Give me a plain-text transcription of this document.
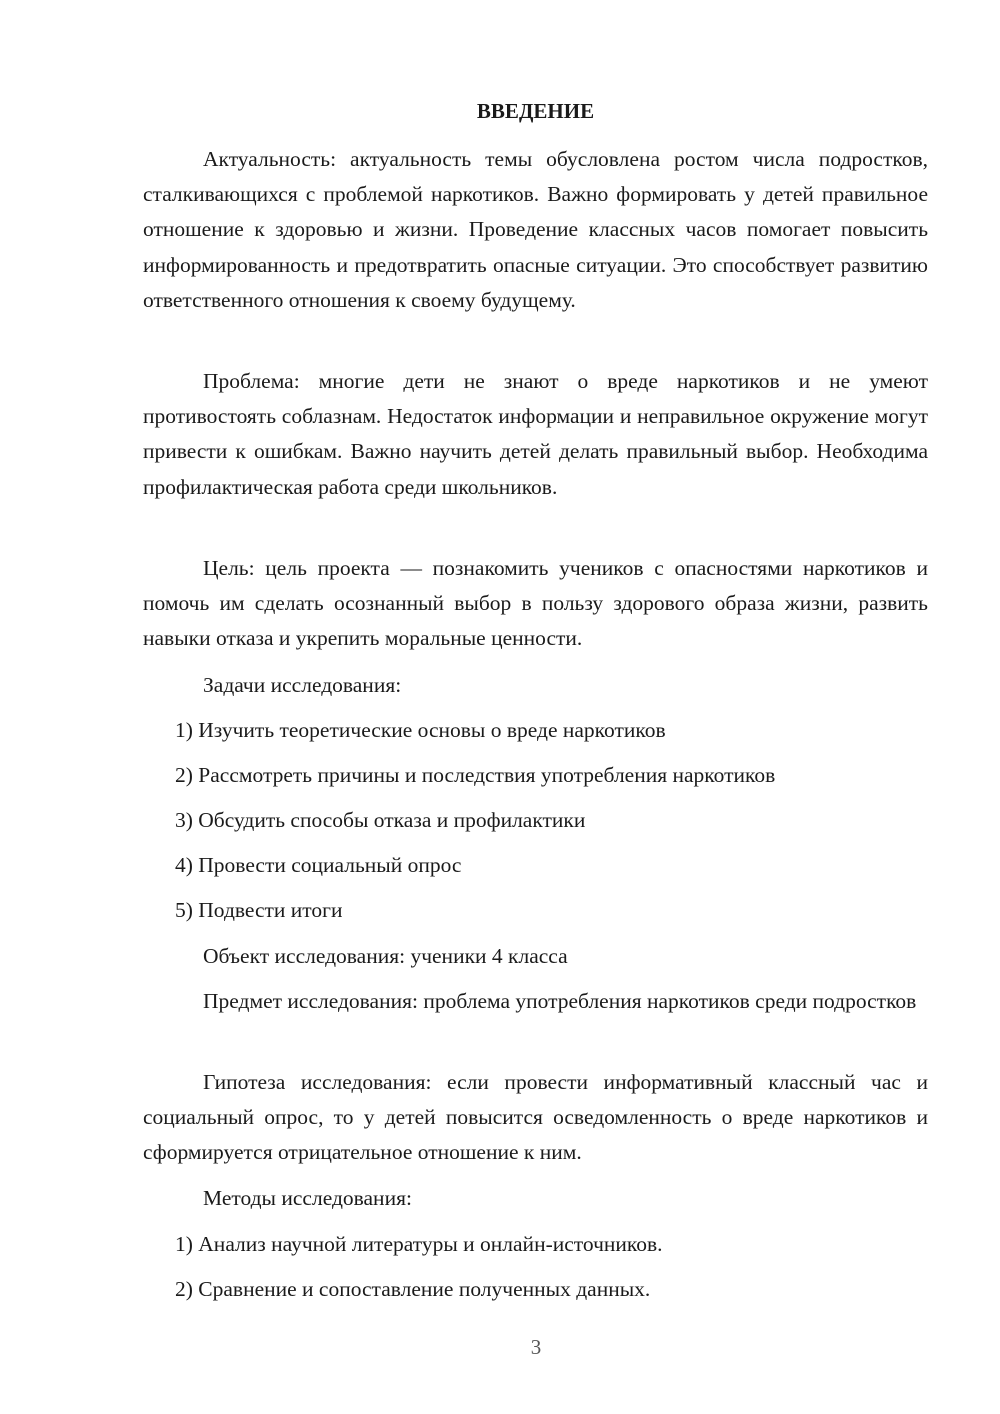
ВВЕДЕНИЕ

Актуальность: актуальность темы обусловлена ростом числа подростков, сталкивающихся с проблемой наркотиков. Важно формировать у детей правильное отношение к здоровью и жизни. Проведение классных часов помогает повысить информированность и предотвратить опасные ситуации. Это способствует развитию ответственного отношения к своему будущему.

Проблема: многие дети не знают о вреде наркотиков и не умеют противостоять соблазнам. Недостаток информации и неправильное окружение могут привести к ошибкам. Важно научить детей делать правильный выбор. Необходима профилактическая работа среди школьников.

Цель: цель проекта — познакомить учеников с опасностями наркотиков и помочь им сделать осознанный выбор в пользу здорового образа жизни, развить навыки отказа и укрепить моральные ценности.

Задачи исследования:

1) Изучить теоретические основы о вреде наркотиков

2) Рассмотреть причины и последствия употребления наркотиков

3) Обсудить способы отказа и профилактики

4) Провести социальный опрос

5) Подвести итоги

Объект исследования: ученики 4 класса

Предмет исследования: проблема употребления наркотиков среди подростков

Гипотеза исследования: если провести информативный классный час и социальный опрос, то у детей повысится осведомленность о вреде наркотиков и сформируется отрицательное отношение к ним.

Методы исследования:

1) Анализ научной литературы и онлайн-источников.

2) Сравнение и сопоставление полученных данных.

3
